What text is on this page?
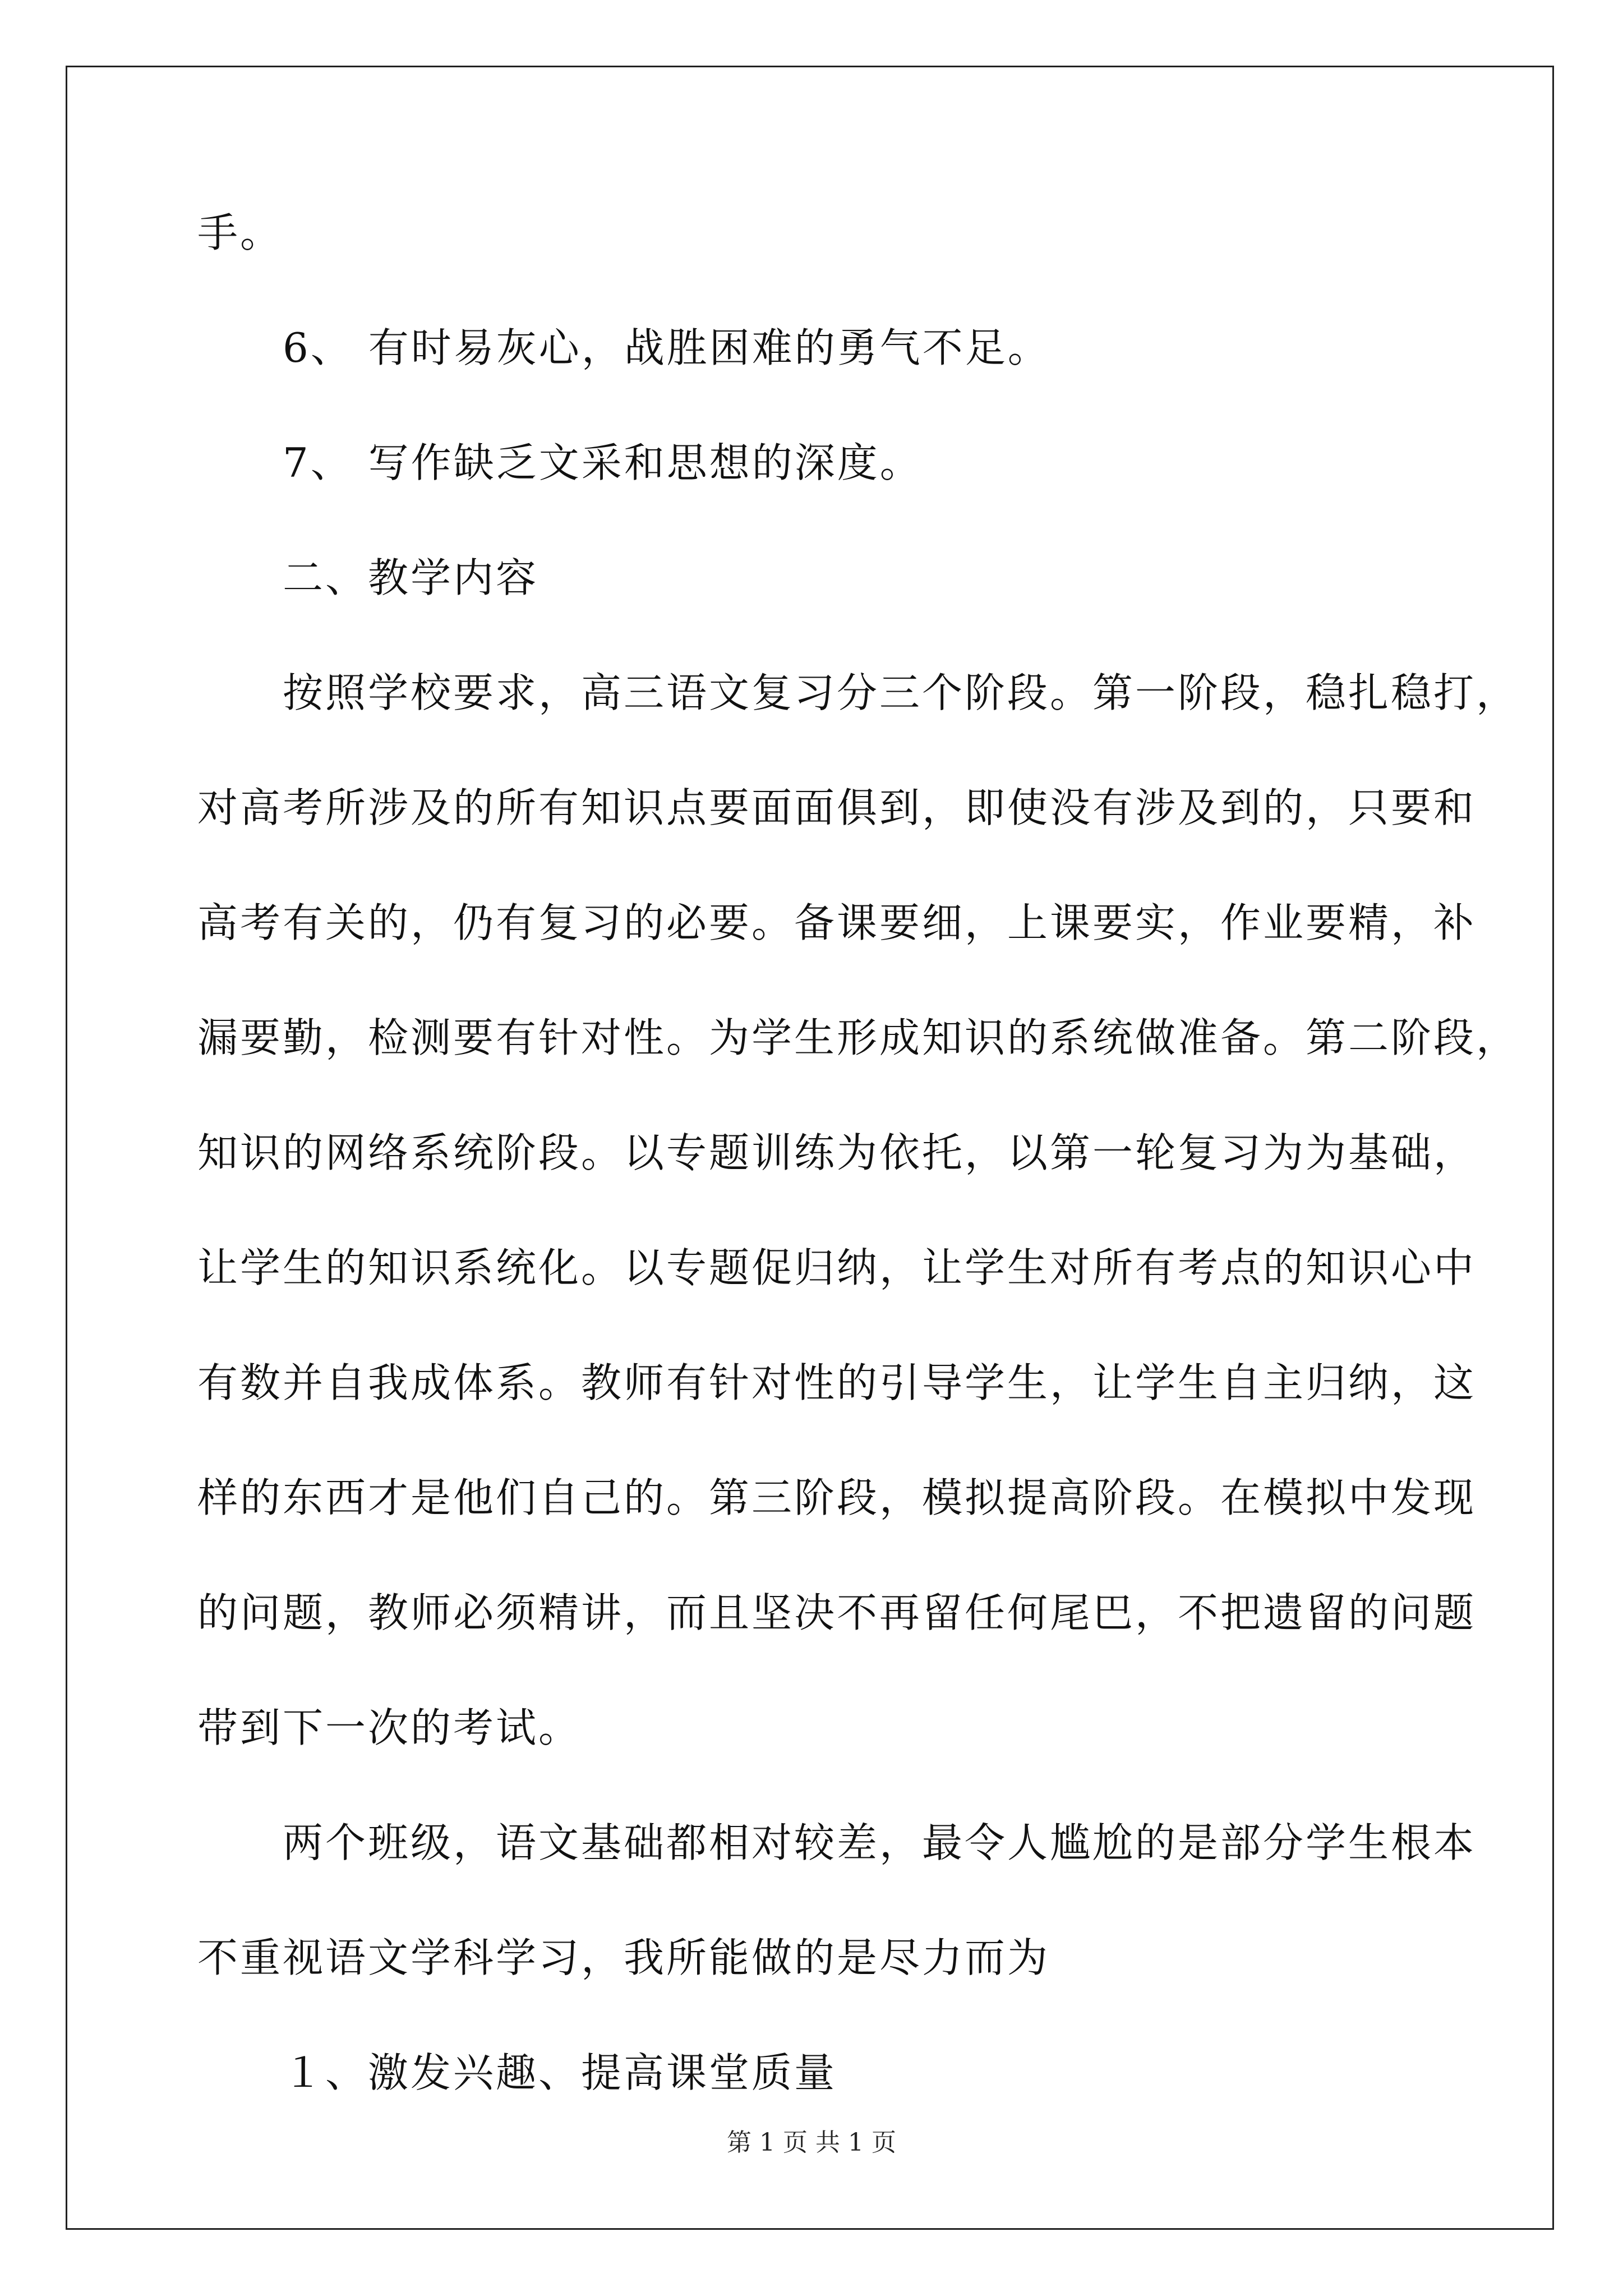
手。
6、 有时易灰心，战胜困难的勇气不足。
7、 写作缺乏文采和思想的深度。
二、教学内容
按照学校要求，高三语文复习分三个阶段。第一阶段，稳扎稳打，
对高考所涉及的所有知识点要面面俱到，即使没有涉及到的，只要和
高考有关的，仍有复习的必要。备课要细，上课要实，作业要精，补
漏要勤，检测要有针对性。为学生形成知识的系统做准备。第二阶段，
知识的网络系统阶段。以专题训练为依托，以第一轮复习为为基础，
让学生的知识系统化。以专题促归纳，让学生对所有考点的知识心中
有数并自我成体系。教师有针对性的引导学生，让学生自主归纳，这
样的东西才是他们自己的。第三阶段，模拟提高阶段。在模拟中发现
的问题，教师必须精讲，而且坚决不再留任何尾巴，不把遗留的问题
带到下一次的考试。
两个班级，语文基础都相对较差，最令人尴尬的是部分学生根本
不重视语文学科学习，我所能做的是尽力而为
１、激发兴趣、提高课堂质量
第 1 页 共 1 页
